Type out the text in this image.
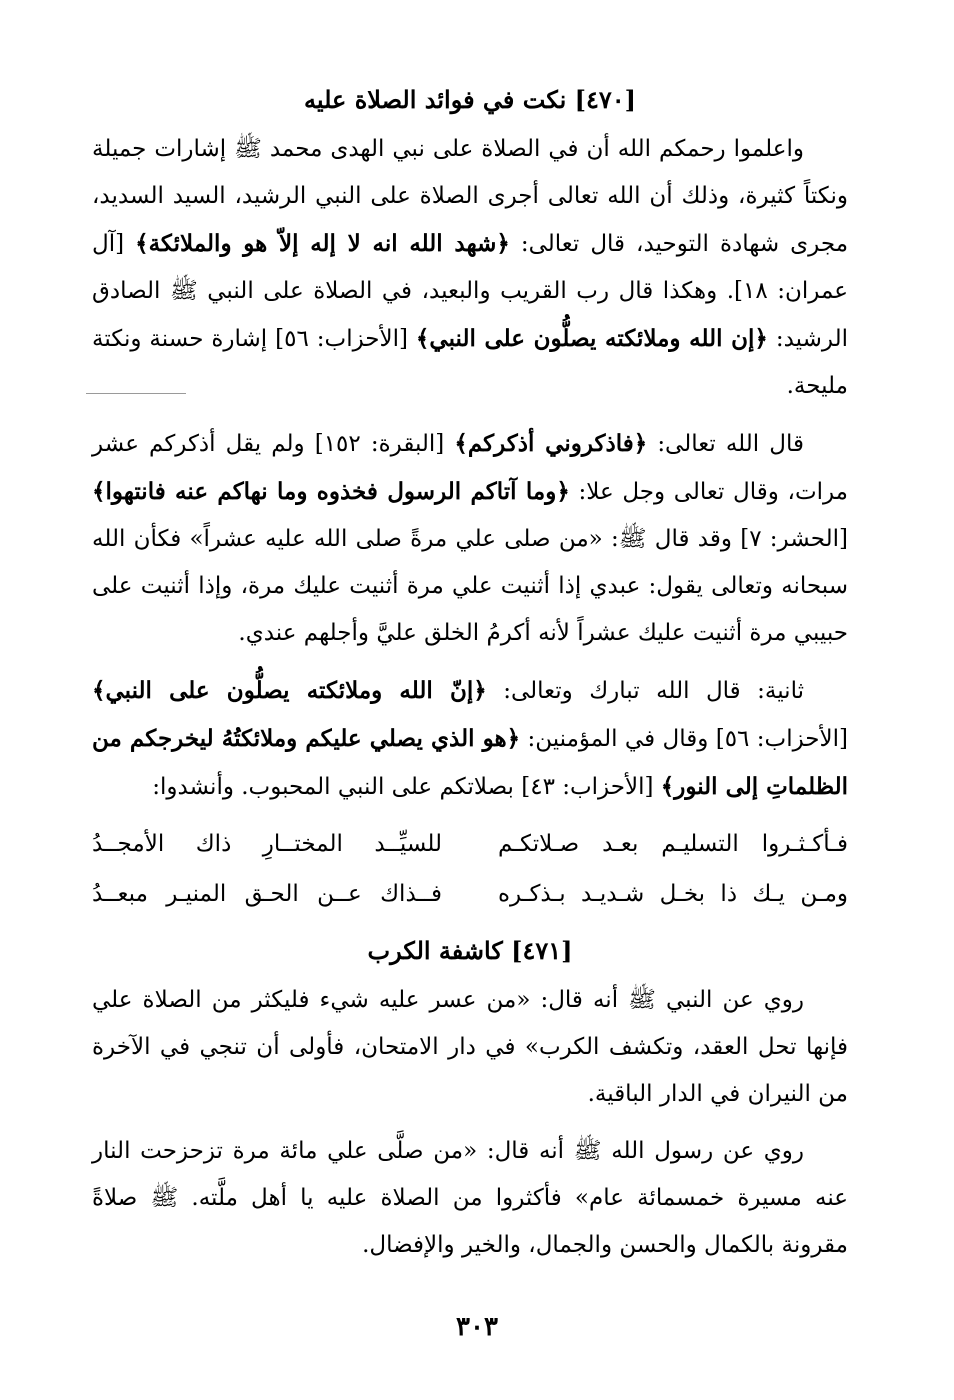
[٤٧٠] نكت في فوائد الصلاة عليه

واعلموا رحمكم الله أن في الصلاة على نبي الهدى محمد ﷺ إشارات جميلة ونكتاً كثيرة، وذلك أن الله تعالى أجرى الصلاة على النبي الرشيد، السيد السديد، مجرى شهادة التوحيد، قال تعالى: ﴿شهد الله انه لا إله إلاّ هو والملائكة﴾ [آل عمران: ١٨]. وهكذا قال رب القريب والبعيد، في الصلاة على النبي ﷺ الصادق الرشيد: ﴿إن الله وملائكته يصلُّون على النبي﴾ [الأحزاب: ٥٦] إشارة حسنة ونكتة مليحة.

قال الله تعالى: ﴿فاذكروني أذكركم﴾ [البقرة: ١٥٢] ولم يقل أذكركم عشر مرات، وقال تعالى وجل علا: ﴿وما آتاكم الرسول فخذوه وما نهاكم عنه فانتهوا﴾ [الحشر: ٧] وقد قال ﷺ: «من صلى علي مرةً صلى الله عليه عشراً» فكأن الله سبحانه وتعالى يقول: عبدي إذا أثنيت علي مرة أثنيت عليك مرة، وإذا أثنيت على حبيبي مرة أثنيت عليك عشراً لأنه أكرمُ الخلق عليَّ وأجلهم عندي.

ثانية: قال الله تبارك وتعالى: ﴿إنّ الله وملائكته يصلُّون على النبي﴾ [الأحزاب: ٥٦] وقال في المؤمنين: ﴿هو الذي يصلي عليكم وملائكتُهُ ليخرجكم من الظلماتِ إلى النور﴾ [الأحزاب: ٤٣] بصلاتكم على النبي المحبوب. وأنشدوا:

فـأكـثـروا التسليـم بعـد صـلاتكـم
للسيِّــد المختــارِ ذاك الأمجــدُ
ومـن يـك ذا بخـل شـديـد بـذكـره
فــذاك عــن الحـق المنيـر مبعــدُ
[٤٧١] كاشفة الكرب

روي عن النبي ﷺ أنه قال: «من عسر عليه شيء فليكثر من الصلاة علي فإنها تحل العقد، وتكشف الكرب» في دار الامتحان، فأولى أن تنجي في الآخرة من النيران في الدار الباقية.

روي عن رسول الله ﷺ أنه قال: «من صلَّى علي مائة مرة تزحزحت النار عنه مسيرة خمسمائة عام» فأكثروا من الصلاة عليه يا أهل ملَّته. ﷺ صلاةً مقرونة بالكمال والحسن والجمال، والخير والإفضال.

٣٠٣
